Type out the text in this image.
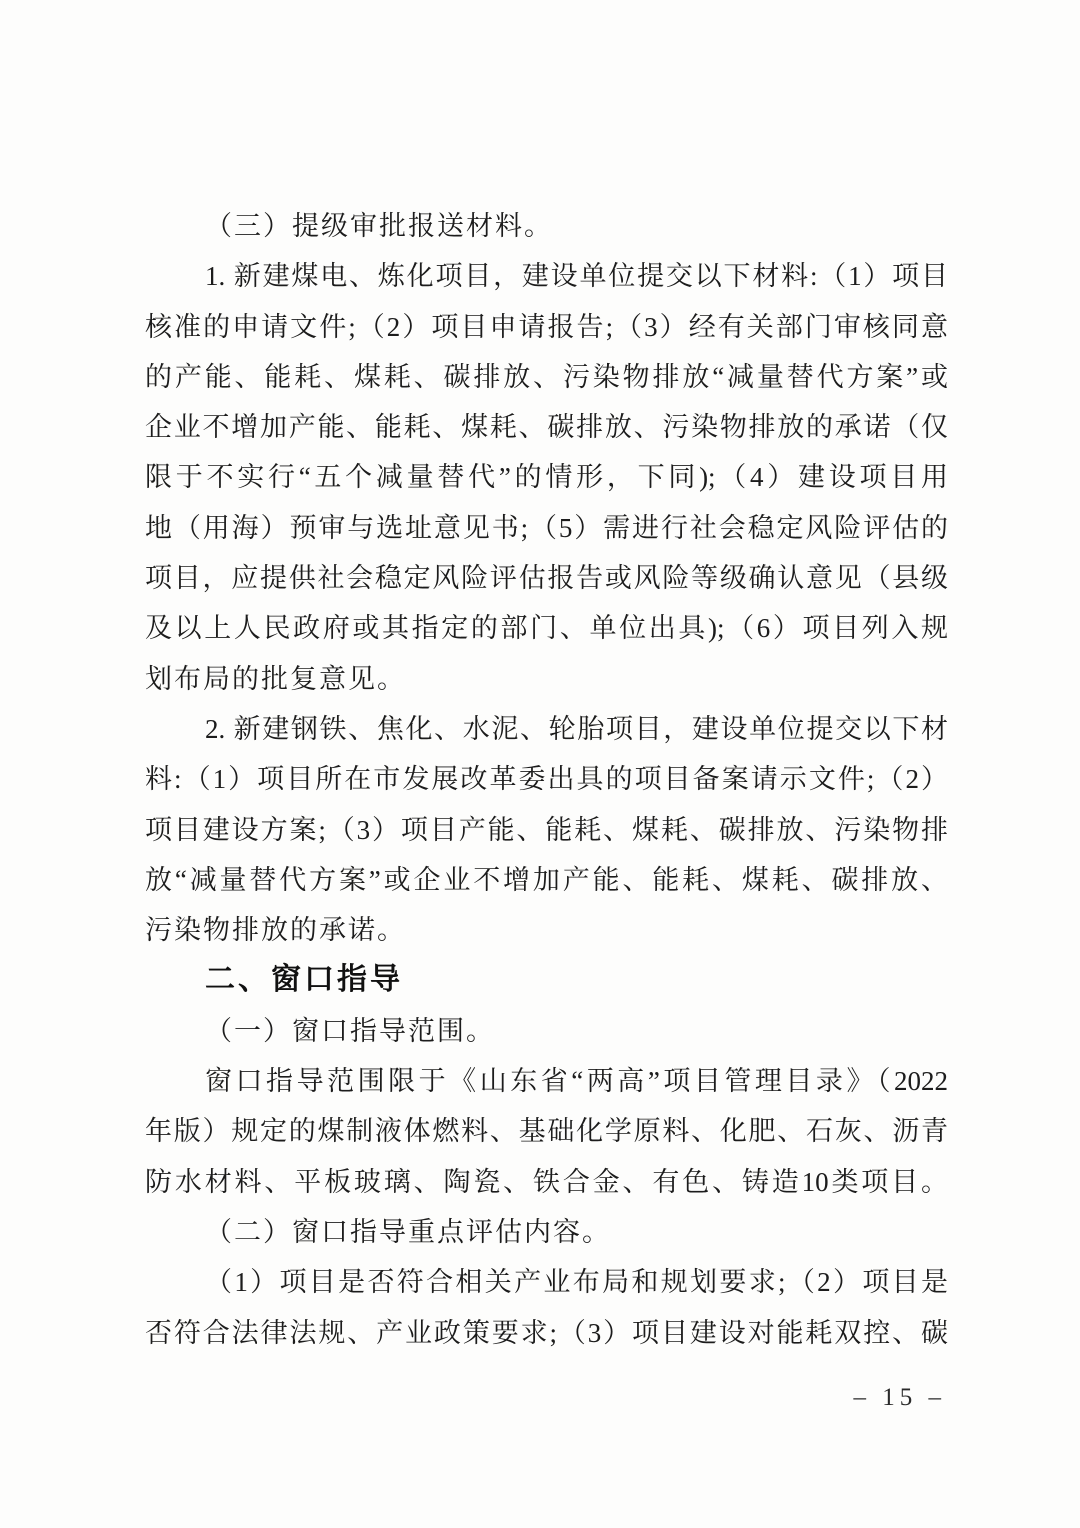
（三）提级审批报送材料。
1. 新建煤电、炼化项目，建设单位提交以下材料:（1）项目
核准的申请文件;（2）项目申请报告;（3）经有关部门审核同意
的产能、能耗、煤耗、碳排放、污染物排放“减量替代方案”或
企业不增加产能、能耗、煤耗、碳排放、污染物排放的承诺（仅
限于不实行“五个减量替代”的情形，下同);（4）建设项目用
地（用海）预审与选址意见书;（5）需进行社会稳定风险评估的
项目，应提供社会稳定风险评估报告或风险等级确认意见（县级
及以上人民政府或其指定的部门、单位出具);（6）项目列入规
划布局的批复意见。
2. 新建钢铁、焦化、水泥、轮胎项目，建设单位提交以下材
料:（1）项目所在市发展改革委出具的项目备案请示文件;（2）
项目建设方案;（3）项目产能、能耗、煤耗、碳排放、污染物排
放“减量替代方案”或企业不增加产能、能耗、煤耗、碳排放、
污染物排放的承诺。
二、窗口指导
（一）窗口指导范围。
窗口指导范围限于《山东省“两高”项目管理目录》（2022
年版）规定的煤制液体燃料、基础化学原料、化肥、石灰、沥青
防水材料、平板玻璃、陶瓷、铁合金、有色、铸造10类项目。
（二）窗口指导重点评估内容。
（1）项目是否符合相关产业布局和规划要求;（2）项目是
否符合法律法规、产业政策要求;（3）项目建设对能耗双控、碳
– 15 –
